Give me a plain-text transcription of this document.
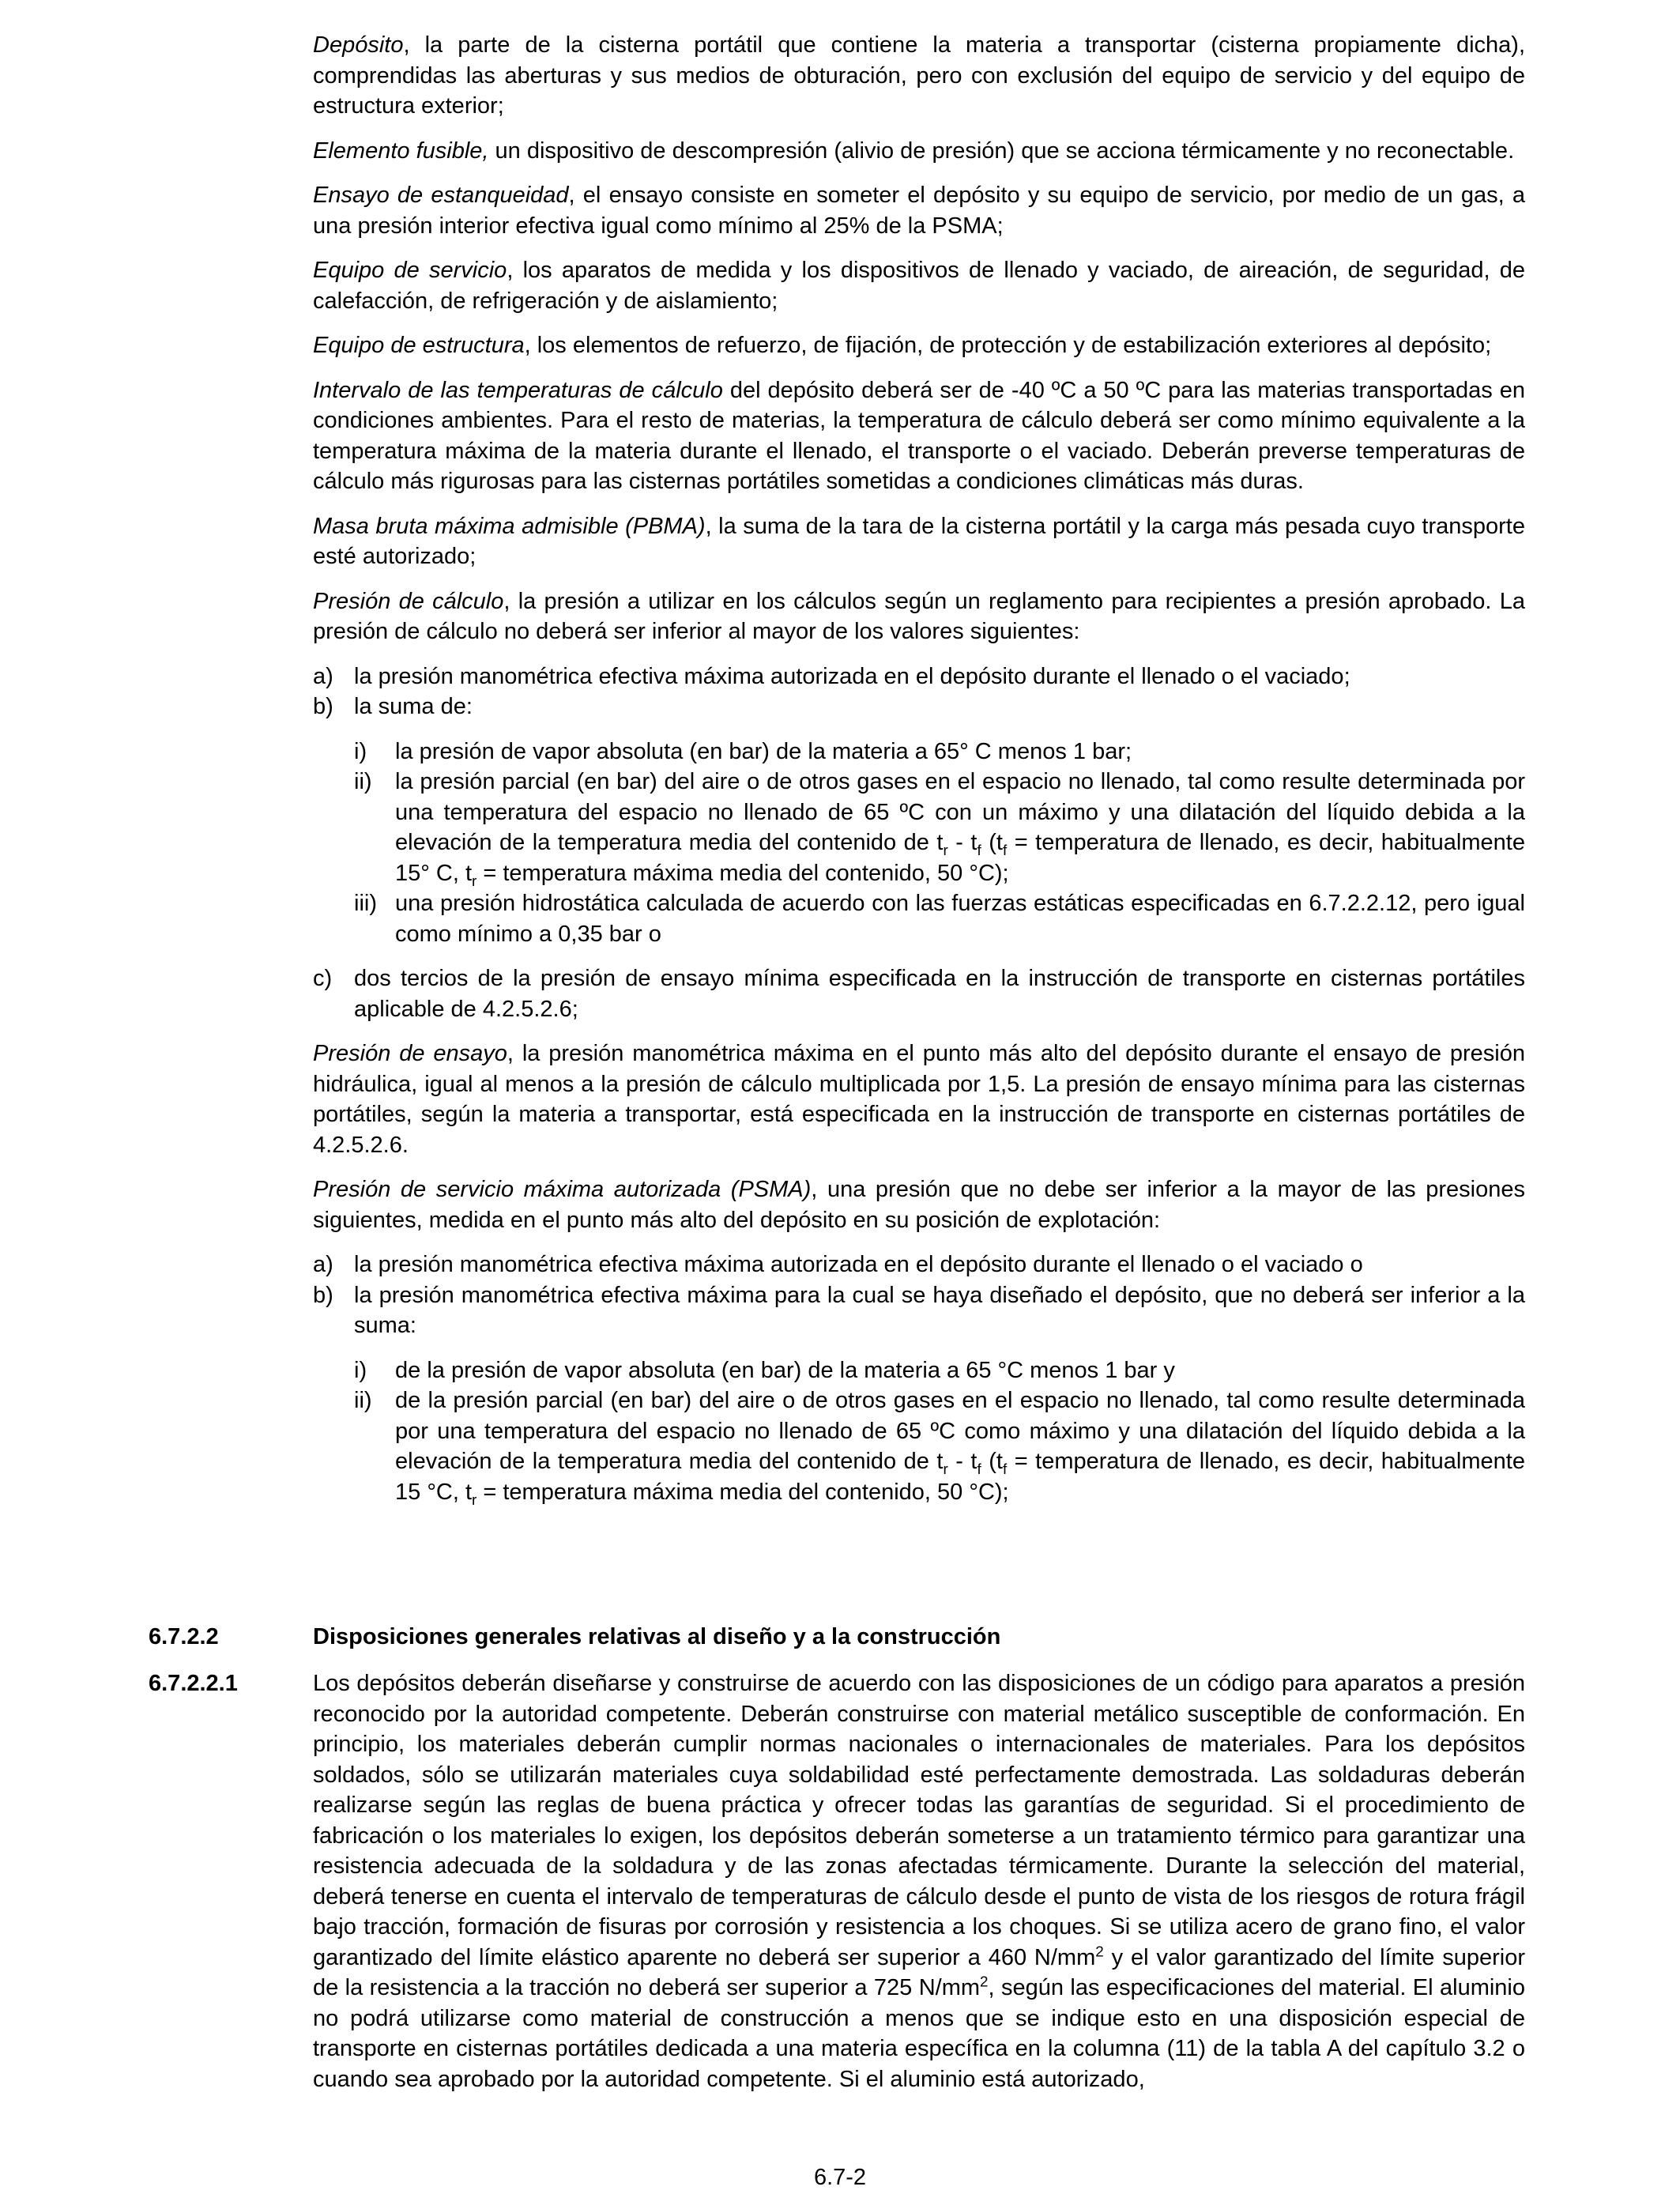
Depósito, la parte de la cisterna portátil que contiene la materia a transportar (cisterna propiamente dicha), comprendidas las aberturas y sus medios de obturación, pero con exclusión del equipo de servicio y del equipo de estructura exterior;

Elemento fusible, un dispositivo de descompresión (alivio de presión) que se acciona térmicamente y no reconectable.

Ensayo de estanqueidad, el ensayo consiste en someter el depósito y su equipo de servicio, por medio de un gas, a una presión interior efectiva igual como mínimo al 25% de la PSMA;

Equipo de servicio, los aparatos de medida y los dispositivos de llenado y vaciado, de aireación, de seguridad, de calefacción, de refrigeración y de aislamiento;

Equipo de estructura, los elementos de refuerzo, de fijación, de protección y de estabilización exteriores al depósito;

Intervalo de las temperaturas de cálculo del depósito deberá ser de -40 ºC a 50 ºC para las materias transportadas en condiciones ambientes. Para el resto de materias, la temperatura de cálculo deberá ser como mínimo equivalente a la temperatura máxima de la materia durante el llenado, el transporte o el vaciado. Deberán preverse temperaturas de cálculo más rigurosas para las cisternas portátiles sometidas a condiciones climáticas más duras.

Masa bruta máxima admisible (PBMA), la suma de la tara de la cisterna portátil y la carga más pesada cuyo transporte esté autorizado;

Presión de cálculo, la presión a utilizar en los cálculos según un reglamento para recipientes a presión aprobado. La presión de cálculo no deberá ser inferior al mayor de los valores siguientes:

a) la presión manométrica efectiva máxima autorizada en el depósito durante el llenado o el vaciado;
b) la suma de:
i) la presión de vapor absoluta (en bar) de la materia a 65° C menos 1 bar;
ii) la presión parcial (en bar) del aire o de otros gases en el espacio no llenado, tal como resulte determinada por una temperatura del espacio no llenado de 65 ºC con un máximo y una dilatación del líquido debida a la elevación de la temperatura media del contenido de $t_r - t_f$ ($t_f$ = temperatura de llenado, es decir, habitualmente 15° C, $t_r$ = temperatura máxima media del contenido, 50 °C);
iii) una presión hidrostática calculada de acuerdo con las fuerzas estáticas especificadas en 6.7.2.2.12, pero igual como mínimo a 0,35 bar o
c) dos tercios de la presión de ensayo mínima especificada en la instrucción de transporte en cisternas portátiles aplicable de 4.2.5.2.6;

Presión de ensayo, la presión manométrica máxima en el punto más alto del depósito durante el ensayo de presión hidráulica, igual al menos a la presión de cálculo multiplicada por 1,5. La presión de ensayo mínima para las cisternas portátiles, según la materia a transportar, está especificada en la instrucción de transporte en cisternas portátiles de 4.2.5.2.6.

Presión de servicio máxima autorizada (PSMA), una presión que no debe ser inferior a la mayor de las presiones siguientes, medida en el punto más alto del depósito en su posición de explotación:

a) la presión manométrica efectiva máxima autorizada en el depósito durante el llenado o el vaciado o
b) la presión manométrica efectiva máxima para la cual se haya diseñado el depósito, que no deberá ser inferior a la suma:
i) de la presión de vapor absoluta (en bar) de la materia a 65 °C menos 1 bar y
ii) de la presión parcial (en bar) del aire o de otros gases en el espacio no llenado, tal como resulte determinada por una temperatura del espacio no llenado de 65 ºC como máximo y una dilatación del líquido debida a la elevación de la temperatura media del contenido de $t_r - t_f$ ($t_f$ = temperatura de llenado, es decir, habitualmente 15 °C, $t_r$ = temperatura máxima media del contenido, 50 °C);
6.7.2.2	Disposiciones generales relativas al diseño y a la construcción
6.7.2.2.1	Los depósitos deberán diseñarse y construirse de acuerdo con las disposiciones de un código para aparatos a presión reconocido por la autoridad competente. Deberán construirse con material metálico susceptible de conformación. En principio, los materiales deberán cumplir normas nacionales o internacionales de materiales. Para los depósitos soldados, sólo se utilizarán materiales cuya soldabilidad esté perfectamente demostrada. Las soldaduras deberán realizarse según las reglas de buena práctica y ofrecer todas las garantías de seguridad. Si el procedimiento de fabricación o los materiales lo exigen, los depósitos deberán someterse a un tratamiento térmico para garantizar una resistencia adecuada de la soldadura y de las zonas afectadas térmicamente. Durante la selección del material, deberá tenerse en cuenta el intervalo de temperaturas de cálculo desde el punto de vista de los riesgos de rotura frágil bajo tracción, formación de fisuras por corrosión y resistencia a los choques. Si se utiliza acero de grano fino, el valor garantizado del límite elástico aparente no deberá ser superior a 460 $N/mm^2$ y el valor garantizado del límite superior de la resistencia a la tracción no deberá ser superior a 725 $N/mm^2$, según las especificaciones del material. El aluminio no podrá utilizarse como material de construcción a menos que se indique esto en una disposición especial de transporte en cisternas portátiles dedicada a una materia específica en la columna (11) de la tabla A del capítulo 3.2 o cuando sea aprobado por la autoridad competente. Si el aluminio está autorizado,

6.7-2
